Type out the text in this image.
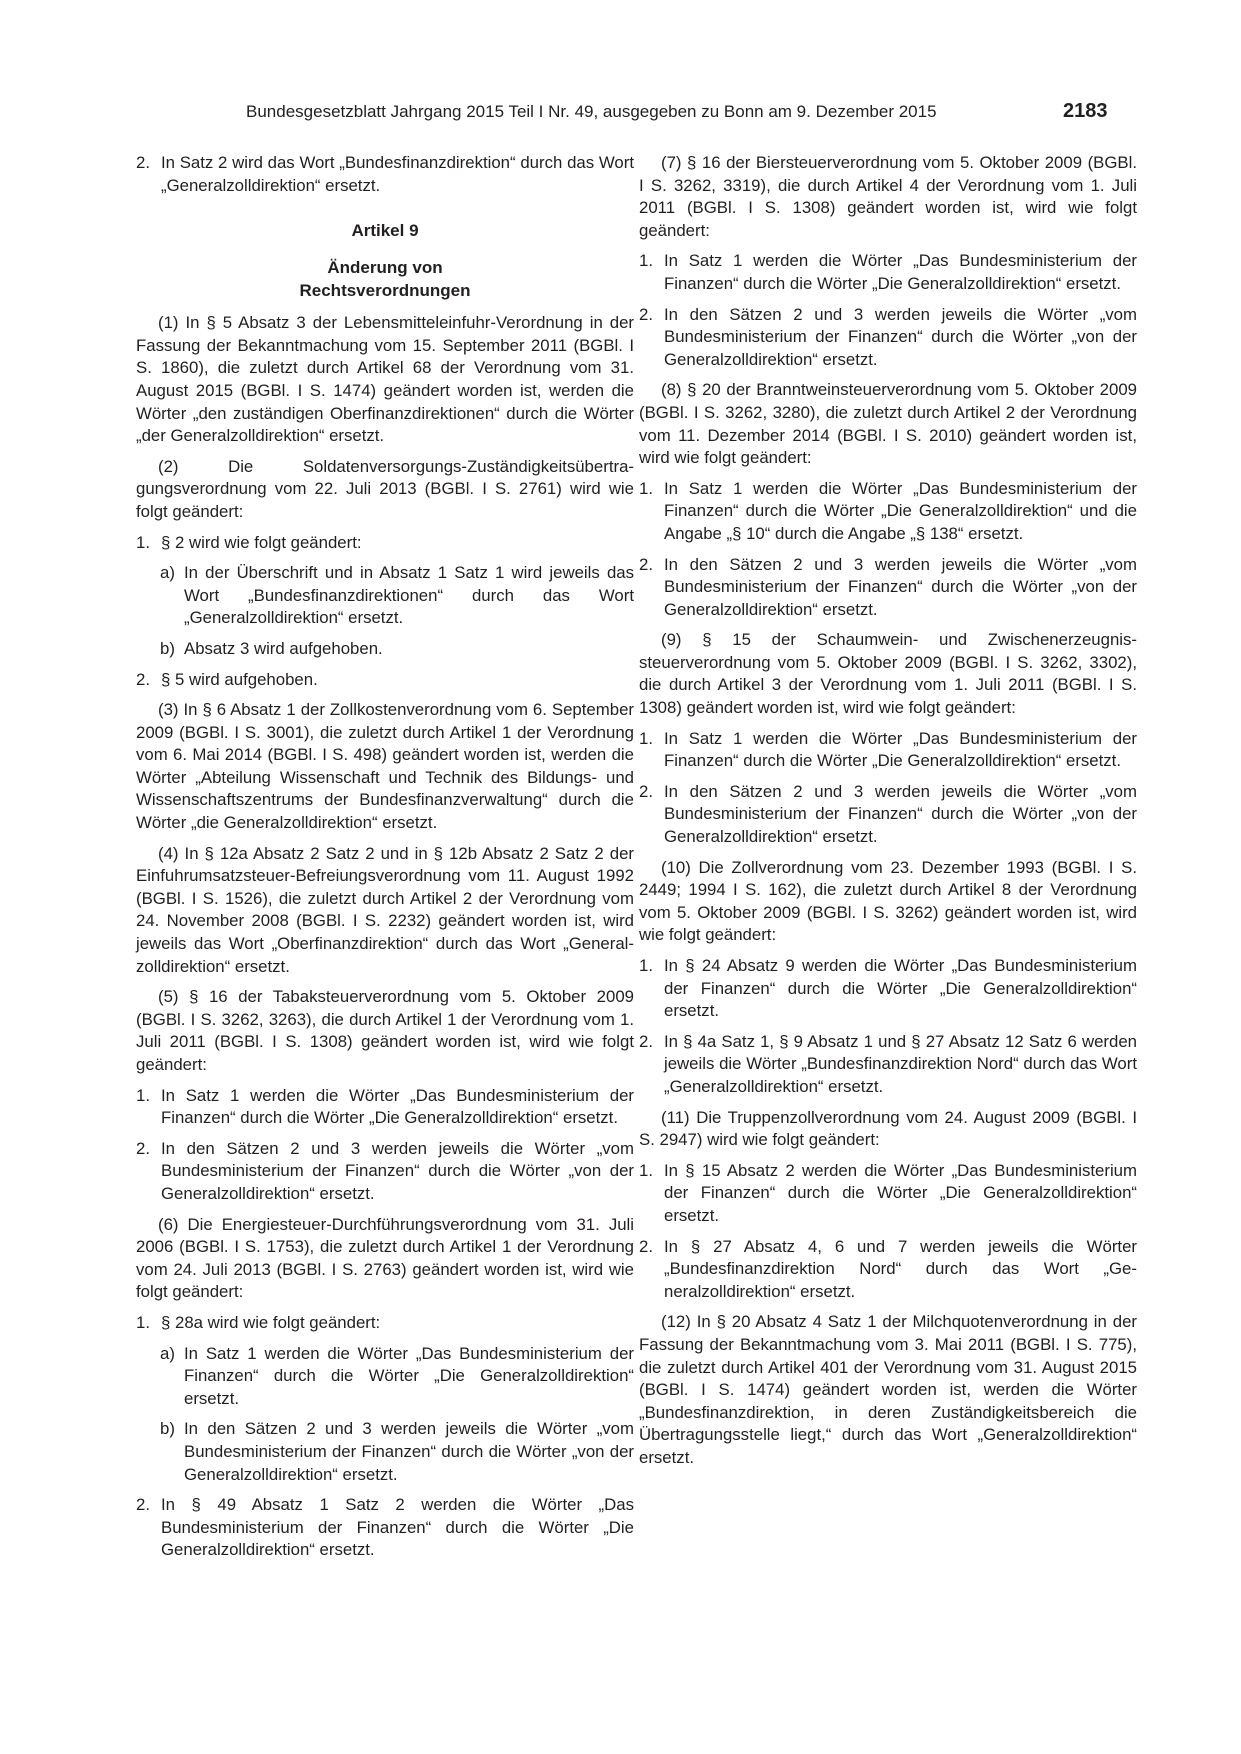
Bundesgesetzblatt Jahrgang 2015 Teil I Nr. 49, ausgegeben zu Bonn am 9. Dezember 2015	2183
2. In Satz 2 wird das Wort „Bundesfinanzdirektion“ durch das Wort „Generalzolldirektion“ ersetzt.
Artikel 9
Änderung von
Rechtsverordnungen

(1) In § 5 Absatz 3 der Lebensmitteleinfuhr-Verordnung in der Fassung der Bekanntmachung vom 15. September 2011 (BGBl. I S. 1860), die zuletzt durch Artikel 68 der Verordnung vom 31. August 2015 (BGBl. I S. 1474) geändert worden ist, werden die Wörter „den zuständigen Oberfinanzdirektionen“ durch die Wörter „der Generalzolldirektion“ ersetzt.

(2) Die Soldatenversorgungs-Zuständigkeitsübertragungsverordnung vom 22. Juli 2013 (BGBl. I S. 2761) wird wie folgt geändert:

1. § 2 wird wie folgt geändert:
a) In der Überschrift und in Absatz 1 Satz 1 wird jeweils das Wort „Bundesfinanzdirektionen“ durch das Wort „Generalzolldirektion“ ersetzt.
b) Absatz 3 wird aufgehoben.
2. § 5 wird aufgehoben.

(3) In § 6 Absatz 1 der Zollkostenverordnung vom 6. September 2009 (BGBl. I S. 3001), die zuletzt durch Artikel 1 der Verordnung vom 6. Mai 2014 (BGBl. I S. 498) geändert worden ist, werden die Wörter „Abteilung Wissenschaft und Technik des Bildungs- und Wissenschaftszentrums der Bundesfinanzverwaltung“ durch die Wörter „die Generalzolldirektion“ ersetzt.

(4) In § 12a Absatz 2 Satz 2 und in § 12b Absatz 2 Satz 2 der Einfuhrumsatzsteuer-Befreiungsverordnung vom 11. August 1992 (BGBl. I S. 1526), die zuletzt durch Artikel 2 der Verordnung vom 24. November 2008 (BGBl. I S. 2232) geändert worden ist, wird jeweils das Wort „Oberfinanzdirektion“ durch das Wort „Generalzolldirektion“ ersetzt.

(5) § 16 der Tabaksteuerverordnung vom 5. Oktober 2009 (BGBl. I S. 3262, 3263), die durch Artikel 1 der Verordnung vom 1. Juli 2011 (BGBl. I S. 1308) geändert worden ist, wird wie folgt geändert:

1. In Satz 1 werden die Wörter „Das Bundesministerium der Finanzen“ durch die Wörter „Die Generalzolldirektion“ ersetzt.
2. In den Sätzen 2 und 3 werden jeweils die Wörter „vom Bundesministerium der Finanzen“ durch die Wörter „von der Generalzolldirektion“ ersetzt.

(6) Die Energiesteuer-Durchführungsverordnung vom 31. Juli 2006 (BGBl. I S. 1753), die zuletzt durch Artikel 1 der Verordnung vom 24. Juli 2013 (BGBl. I S. 2763) geändert worden ist, wird wie folgt geändert:

1. § 28a wird wie folgt geändert:
a) In Satz 1 werden die Wörter „Das Bundesministerium der Finanzen“ durch die Wörter „Die Generalzolldirektion“ ersetzt.
b) In den Sätzen 2 und 3 werden jeweils die Wörter „vom Bundesministerium der Finanzen“ durch die Wörter „von der Generalzolldirektion“ ersetzt.
2. In § 49 Absatz 1 Satz 2 werden die Wörter „Das Bundesministerium der Finanzen“ durch die Wörter „Die Generalzolldirektion“ ersetzt.

(7) § 16 der Biersteuerverordnung vom 5. Oktober 2009 (BGBl. I S. 3262, 3319), die durch Artikel 4 der Verordnung vom 1. Juli 2011 (BGBl. I S. 1308) geändert worden ist, wird wie folgt geändert:

1. In Satz 1 werden die Wörter „Das Bundesministerium der Finanzen“ durch die Wörter „Die Generalzolldirektion“ ersetzt.
2. In den Sätzen 2 und 3 werden jeweils die Wörter „vom Bundesministerium der Finanzen“ durch die Wörter „von der Generalzolldirektion“ ersetzt.

(8) § 20 der Branntweinsteuerverordnung vom 5. Oktober 2009 (BGBl. I S. 3262, 3280), die zuletzt durch Artikel 2 der Verordnung vom 11. Dezember 2014 (BGBl. I S. 2010) geändert worden ist, wird wie folgt geändert:

1. In Satz 1 werden die Wörter „Das Bundesministerium der Finanzen“ durch die Wörter „Die Generalzolldirektion“ und die Angabe „§ 10“ durch die Angabe „§ 138“ ersetzt.
2. In den Sätzen 2 und 3 werden jeweils die Wörter „vom Bundesministerium der Finanzen“ durch die Wörter „von der Generalzolldirektion“ ersetzt.

(9) § 15 der Schaumwein- und Zwischenerzeugnissteuerverordnung vom 5. Oktober 2009 (BGBl. I S. 3262, 3302), die durch Artikel 3 der Verordnung vom 1. Juli 2011 (BGBl. I S. 1308) geändert worden ist, wird wie folgt geändert:

1. In Satz 1 werden die Wörter „Das Bundesministerium der Finanzen“ durch die Wörter „Die Generalzolldirektion“ ersetzt.
2. In den Sätzen 2 und 3 werden jeweils die Wörter „vom Bundesministerium der Finanzen“ durch die Wörter „von der Generalzolldirektion“ ersetzt.

(10) Die Zollverordnung vom 23. Dezember 1993 (BGBl. I S. 2449; 1994 I S. 162), die zuletzt durch Artikel 8 der Verordnung vom 5. Oktober 2009 (BGBl. I S. 3262) geändert worden ist, wird wie folgt geändert:

1. In § 24 Absatz 9 werden die Wörter „Das Bundesministerium der Finanzen“ durch die Wörter „Die Generalzolldirektion“ ersetzt.
2. In § 4a Satz 1, § 9 Absatz 1 und § 27 Absatz 12 Satz 6 werden jeweils die Wörter „Bundesfinanzdirektion Nord“ durch das Wort „Generalzolldirektion“ ersetzt.

(11) Die Truppenzollverordnung vom 24. August 2009 (BGBl. I S. 2947) wird wie folgt geändert:

1. In § 15 Absatz 2 werden die Wörter „Das Bundesministerium der Finanzen“ durch die Wörter „Die Generalzolldirektion“ ersetzt.
2. In § 27 Absatz 4, 6 und 7 werden jeweils die Wörter „Bundesfinanzdirektion Nord“ durch das Wort „Generalzolldirektion“ ersetzt.

(12) In § 20 Absatz 4 Satz 1 der Milchquotenverordnung in der Fassung der Bekanntmachung vom 3. Mai 2011 (BGBl. I S. 775), die zuletzt durch Artikel 401 der Verordnung vom 31. August 2015 (BGBl. I S. 1474) geändert worden ist, werden die Wörter „Bundesfinanzdirektion, in deren Zuständigkeitsbereich die Übertragungsstelle liegt,“ durch das Wort „Generalzolldirektion“ ersetzt.
